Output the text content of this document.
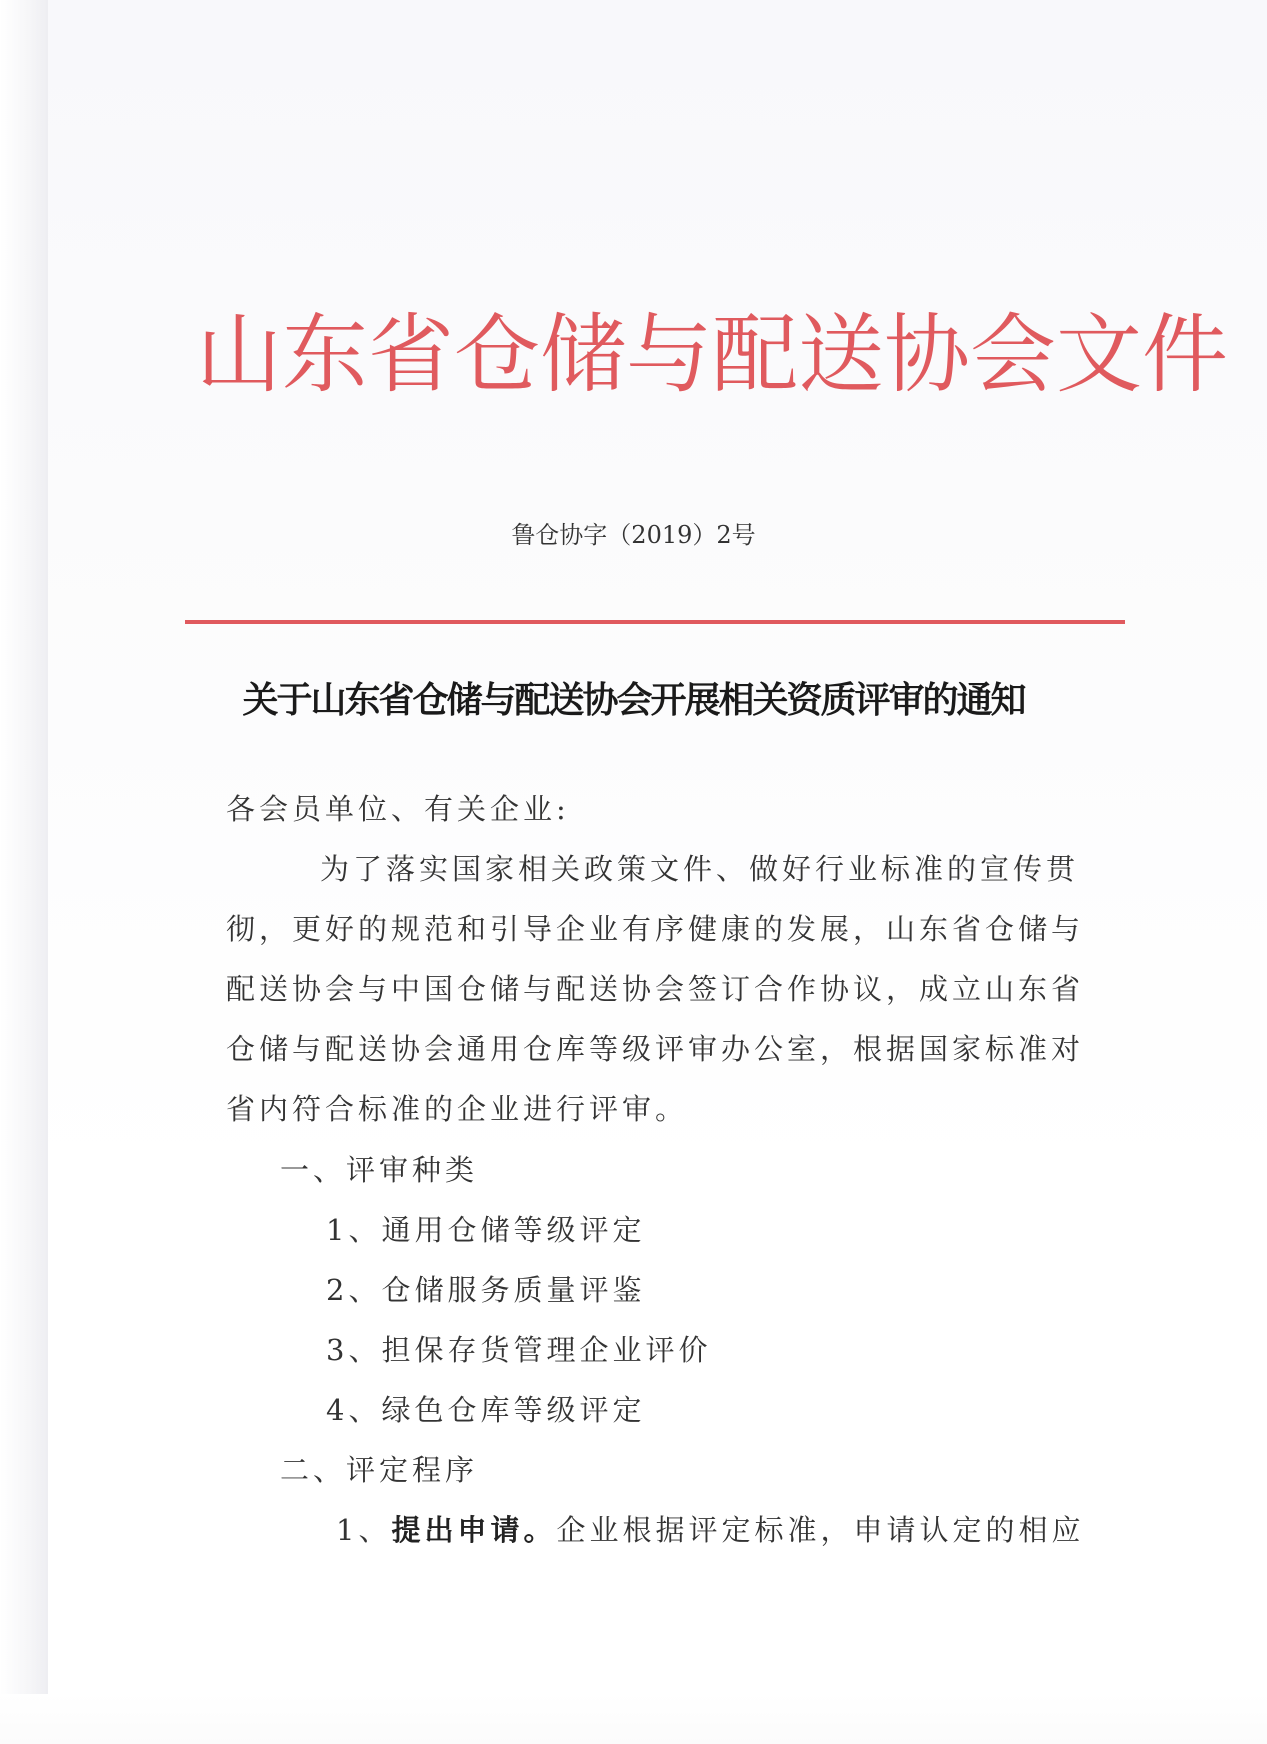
山东省仓储与配送协会文件
鲁仓协字（2019）2号
关于山东省仓储与配送协会开展相关资质评审的通知
各会员单位、有关企业:
为了落实国家相关政策文件、做好行业标准的宣传贯
彻，更好的规范和引导企业有序健康的发展，山东省仓储与
配送协会与中国仓储与配送协会签订合作协议，成立山东省
仓储与配送协会通用仓库等级评审办公室，根据国家标准对
省内符合标准的企业进行评审。
一、评审种类
1、通用仓储等级评定
2、仓储服务质量评鉴
3、担保存货管理企业评价
4、绿色仓库等级评定
二、评定程序
1、提出申请。企业根据评定标准，申请认定的相应
